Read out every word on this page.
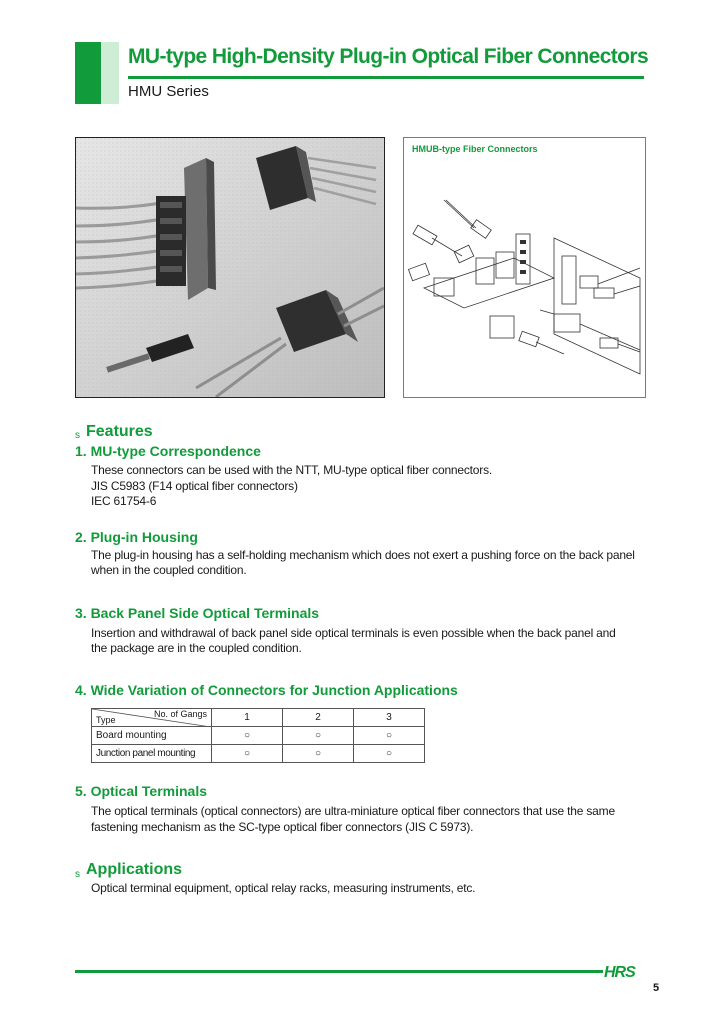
MU-type High-Density Plug-in Optical Fiber Connectors
HMU Series
HMUB-type Fiber Connectors
s Features
1. MU-type Correspondence
These connectors can be used with the NTT, MU-type optical fiber connectors.
JIS C5983 (F14 optical fiber connectors)
IEC 61754-6
2. Plug-in Housing
The plug-in housing has a self-holding mechanism which does not exert a pushing force on the back panel
when in the coupled condition.
3. Back Panel Side Optical Terminals
Insertion and withdrawal of back panel side optical terminals is even possible when the back panel and
the package are in the coupled condition.
4. Wide Variation of Connectors for Junction Applications
Type
No. of Gangs	1	2	3
Board mounting	○	○	○
Junction panel mounting	○	○	○
5. Optical Terminals
The optical terminals (optical connectors) are ultra-miniature optical fiber connectors that use the same
fastening mechanism as the SC-type optical fiber connectors (JIS C 5973).
s Applications
Optical terminal equipment, optical relay racks, measuring instruments, etc.
HRS
5
